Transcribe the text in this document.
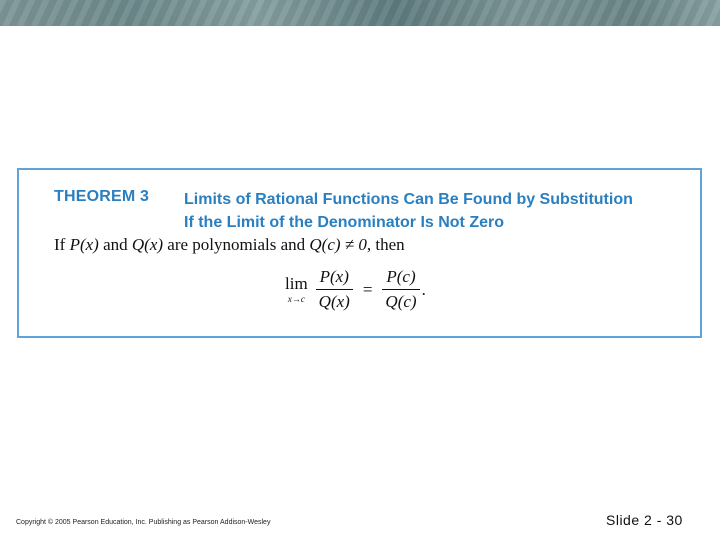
THEOREM 3 Limits of Rational Functions Can Be Found by Substitution
If the Limit of the Denominator Is Not Zero
If P(x) and Q(x) are polynomials and Q(c) ≠ 0, then
lim
$x\to c \frac{P(x)}{Q(x)} = \frac{P(c)}{Q(c)}$ .
Copyright © 2005 Pearson Education, Inc. Publishing as Pearson Addison-Wesley	Slide 2 - 30
